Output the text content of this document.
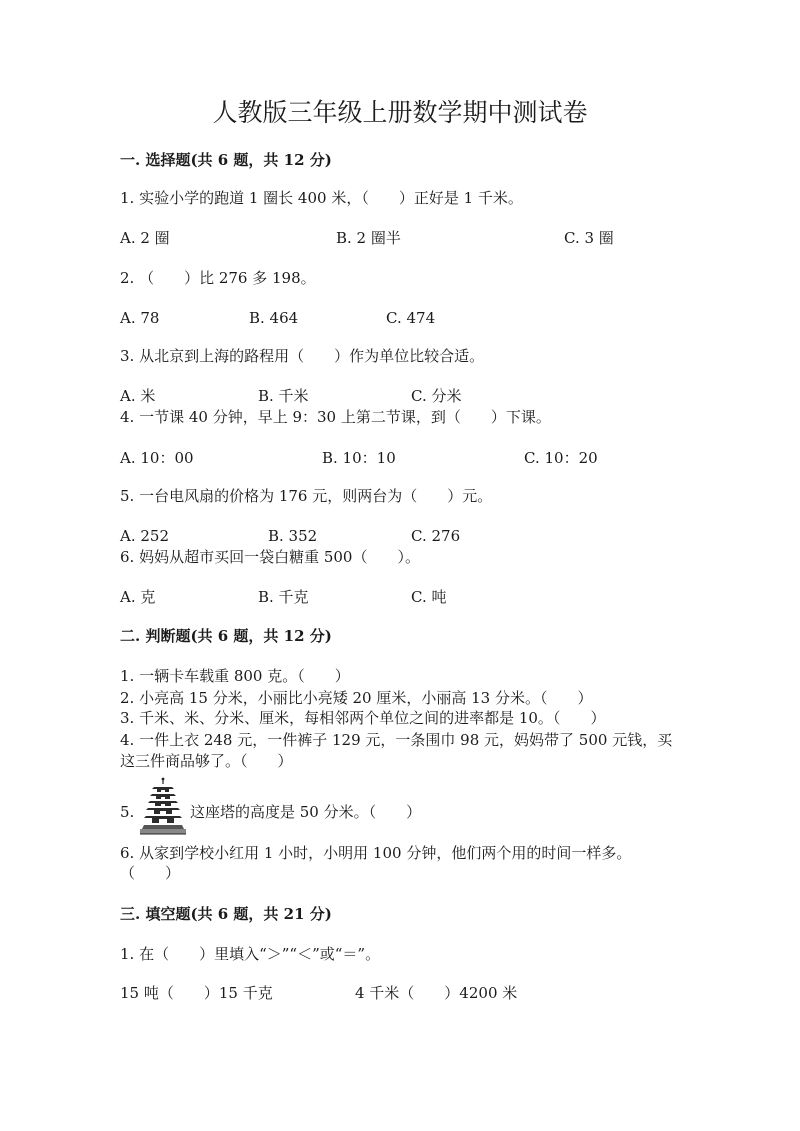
人教版三年级上册数学期中测试卷
一. 选择题(共 6 题，共 12 分)
1. 实验小学的跑道 1 圈长 400 米，（　　）正好是 1 千米。
A. 2 圈	B. 2 圈半	C. 3 圈
2. （　　）比 276 多 198。
A. 78	B. 464	C. 474
3. 从北京到上海的路程用（　　）作为单位比较合适。
A. 米	B. 千米	C. 分米
4. 一节课 40 分钟，早上 9：30 上第二节课，到（　　）下课。
A. 10：00	B. 10：10	C. 10：20
5. 一台电风扇的价格为 176 元，则两台为（　　）元。
A. 252	B. 352	C. 276
6. 妈妈从超市买回一袋白糖重 500（　　）。
A. 克	B. 千克	C. 吨
二. 判断题(共 6 题，共 12 分)
1. 一辆卡车载重 800 克。（　　）
2. 小亮高 15 分米，小丽比小亮矮 20 厘米，小丽高 13 分米。（　　）
3. 千米、米、分米、厘米，每相邻两个单位之间的进率都是 10。（　　）
4. 一件上衣 248 元，一件裤子 129 元，一条围巾 98 元，妈妈带了 500 元钱，买
这三件商品够了。（　　）
5.	这座塔的高度是 50 分米。（　　）
6. 从家到学校小红用 1 小时，小明用 100 分钟，他们两个用的时间一样多。
（　　）
三. 填空题(共 6 题，共 21 分)
1. 在（　　）里填入“＞”“＜”或“＝”。
15 吨（　　）15 千克	4 千米（　　）4200 米
